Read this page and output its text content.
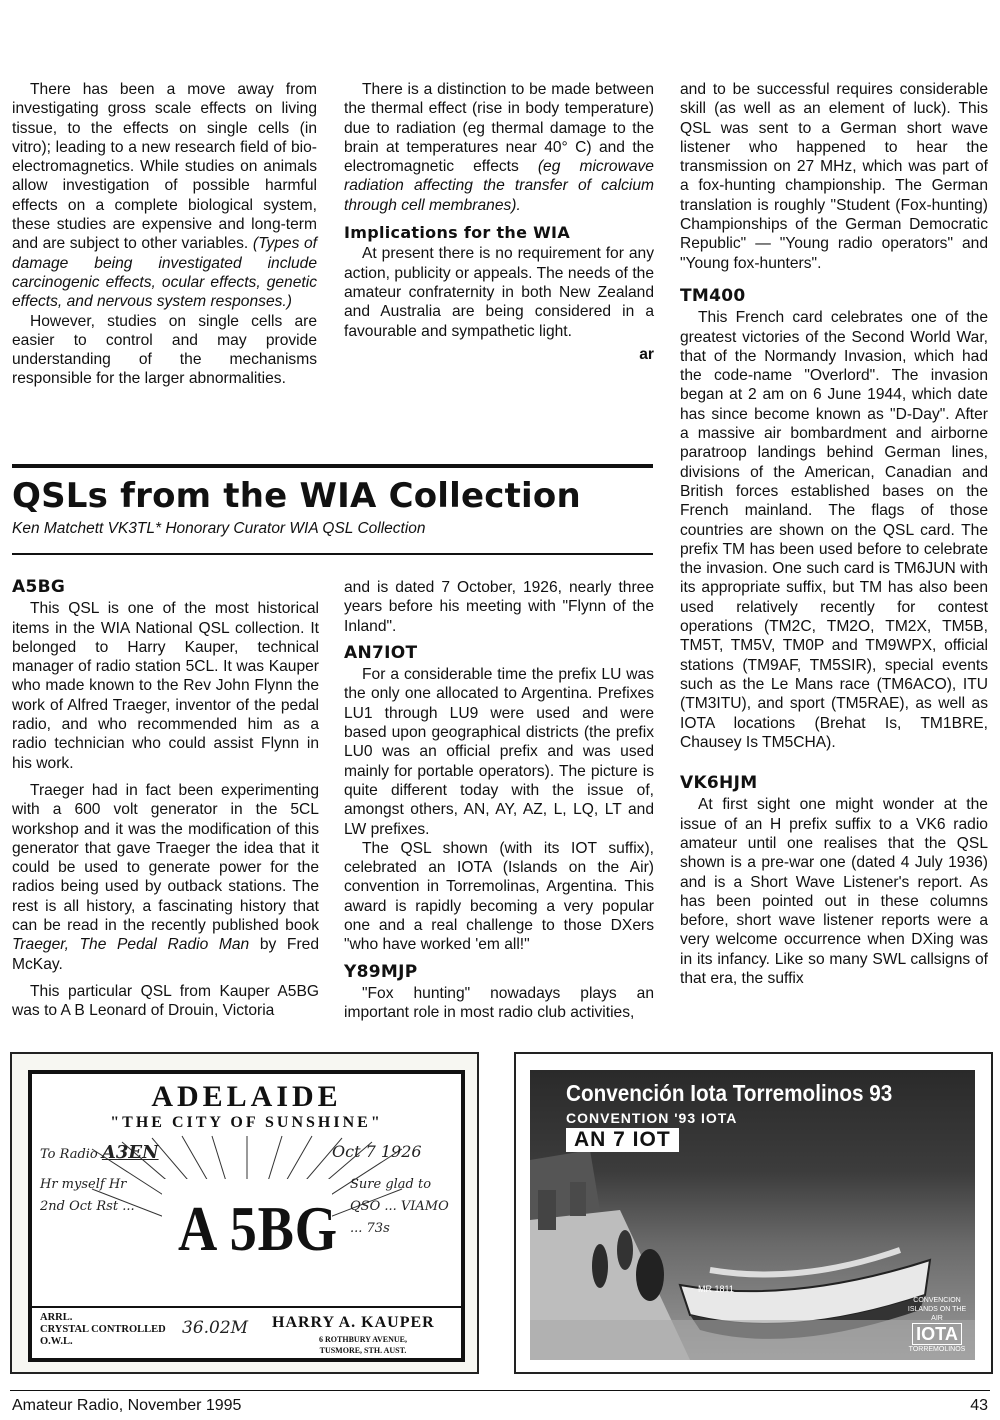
There has been a move away from investigating gross scale effects on living tissue, to the effects on single cells (in vitro); leading to a new research field of bio-electromagnetics. While studies on animals allow investigation of possible harmful effects on a complete biological system, these studies are expensive and long-term and are subject to other variables. (Types of damage being investigated include carcinogenic effects, ocular effects, genetic effects, and nervous system responses.)

However, studies on single cells are easier to control and may provide understanding of the mechanisms responsible for the larger abnormalities.

There is a distinction to be made between the thermal effect (rise in body temperature) due to radiation (eg thermal damage to the brain at temperatures near 40° C) and the electromagnetic effects (eg microwave radiation affecting the transfer of calcium through cell membranes).

Implications for the WIA

At present there is no requirement for any action, publicity or appeals. The needs of the amateur confraternity in both New Zealand and Australia are being considered in a favourable and sympathetic light.

ar
QSLs from the WIA Collection

Ken Matchett VK3TL* Honorary Curator WIA QSL Collection

A5BG

This QSL is one of the most historical items in the WIA National QSL collection. It belonged to Harry Kauper, technical manager of radio station 5CL. It was Kauper who made known to the Rev John Flynn the work of Alfred Traeger, inventor of the pedal radio, and who recommended him as a radio technician who could assist Flynn in his work.

Traeger had in fact been experimenting with a 600 volt generator in the 5CL workshop and it was the modification of this generator that gave Traeger the idea that it could be used to generate power for the radios being used by outback stations. The rest is all history, a fascinating history that can be read in the recently published book Traeger, The Pedal Radio Man by Fred McKay.

This particular QSL from Kauper A5BG was to A B Leonard of Drouin, Victoria

and is dated 7 October, 1926, nearly three years before his meeting with "Flynn of the Inland".

AN7IOT

For a considerable time the prefix LU was the only one allocated to Argentina. Prefixes LU1 through LU9 were used and were based upon geographical districts (the prefix LU0 was an official prefix and was used mainly for portable operators). The picture is quite different today with the issue of, amongst others, AN, AY, AZ, L, LQ, LT and LW prefixes.

The QSL shown (with its IOT suffix), celebrated an IOTA (Islands on the Air) convention in Torremolinas, Argentina. This award is rapidly becoming a very popular one and a real challenge to those DXers "who have worked 'em all!"

Y89MJP

"Fox hunting" nowadays plays an important role in most radio club activities,

and to be successful requires considerable skill (as well as an element of luck). This QSL was sent to a German short wave listener who happened to hear the transmission on 27 MHz, which was part of a fox-hunting championship. The German translation is roughly "Student (Fox-hunting) Championships of the German Democratic Republic" — "Young radio operators" and "Young fox-hunters".

TM400

This French card celebrates one of the greatest victories of the Second World War, that of the Normandy Invasion, which had the code-name "Overlord". The invasion began at 2 am on 6 June 1944, which date has since become known as "D-Day". After a massive air bombardment and airborne paratroop landings behind German lines, divisions of the American, Canadian and British forces established bases on the French mainland. The flags of those countries are shown on the QSL card. The prefix TM has been used before to celebrate the invasion. One such card is TM6JUN with its appropriate suffix, but TM has also been used relatively recently for contest operations (TM2C, TM2O, TM2X, TM5B, TM5T, TM5V, TM0P and TM9WPX, official stations (TM9AF, TM5SIR), special events such as the Le Mans race (TM6ACO), ITU (TM3ITU), and sport (TM5RAE), as well as IOTA locations (Brehat Is, TM1BRE, Chausey Is TM5CHA).

VK6HJM

At first sight one might wonder at the issue of an H prefix suffix to a VK6 radio amateur until one realises that the QSL shown is a pre-war one (dated 4 July 1936) and is a Short Wave Listener's report. As has been pointed out in these columns before, short wave listener reports were a very welcome occurrence when DXing was in its infancy. Like so many SWL callsigns of that era, the suffix

ADELAIDE
"THE CITY OF SUNSHINE"
To Radio A3EN	Oct 7 1926
Hr myself Hr 2nd Oct Rst ...
Sure glad to QSO ... VIAMO ... 73s
A 5BG
ARRL.
CRYSTAL CONTROLLED
O.W.L.
36.02M HARRY A. KAUPER
6 ROTHBURY AVENUE,
TUSMORE, STH. AUST.
Convención Iota Torremolinos 93
CONVENTION '93 IOTA
AN 7 IOT
MR 1811
CONVENCION ISLANDS ON THE AIR
IOTA
TORREMOLINOS
Amateur Radio, November 1995	43
